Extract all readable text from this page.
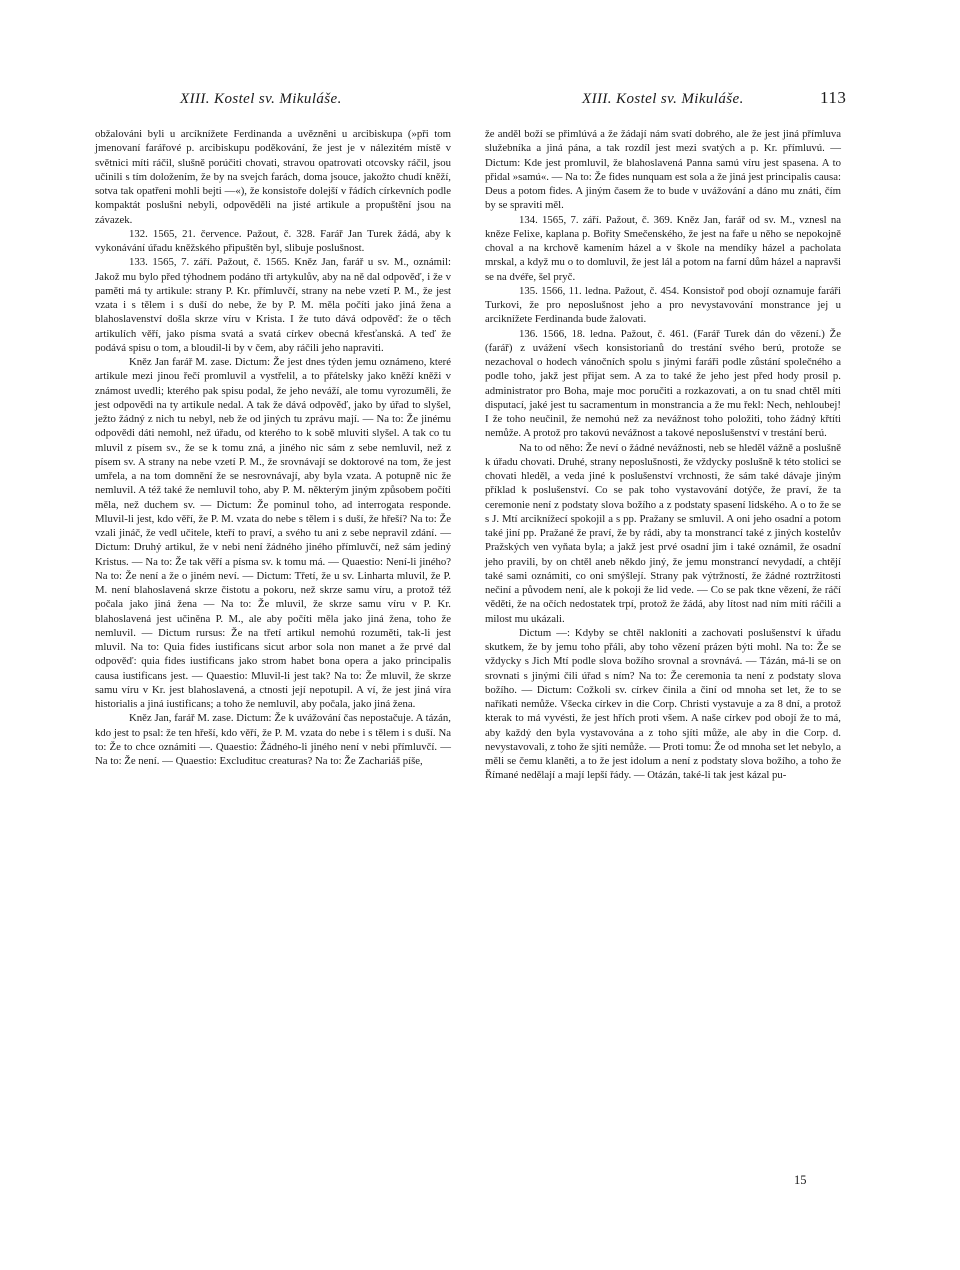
XIII. Kostel sv. Mikuláše.	XIII. Kostel sv. Mikuláše.	113

obžalováni byli u arcíknížete Ferdinanda a uvězněni u arcibiskupa (»při tom jmenovaní farářové p. arcibiskupu poděkování, že jest je v nálezitém místě v světnici míti ráčil, slušně porúčiti chovati, stravou opatrovati otcovsky ráčil, jsou učinili s tím doložením, že by na svejch farách, doma jsouce, jakožto chudí kněží, sotva tak opatřeni mohli bejti —«), že konsistoře dolejší v řádích církevních podle kompaktát poslušni nebyli, odpověděli na jisté artikule a propuštění jsou na závazek.

132. 1565, 21. července. Pažout, č. 328. Farář Jan Turek žádá, aby k vykonávání úřadu kněžského připuštěn byl, slibuje poslušnost.

133. 1565, 7. září. Pažout, č. 1565. Kněz Jan, farář u sv. M., oznámil: Jakož mu bylo před týhodnem podáno tři artykulův, aby na ně dal odpověď, i že v paměti má ty artikule: strany P. Kr. přímluvčí, strany na nebe vzetí P. M., že jest vzata i s tělem i s duší do nebe, že by P. M. měla počíti jako jiná žena a blahoslavenství došla skrze víru v Krista. I že tuto dává odpověď: že o těch artikulích věří, jako písma svatá a svatá církev obecná křesťanská. A teď že podává spisu o tom, a bloudil-li by v čem, aby ráčili jeho napraviti.

Kněz Jan farář M. zase. Dictum: Že jest dnes týden jemu oznámeno, které artikule mezi jinou řečí promluvil a vystřelil, a to přátelsky jako kněží kněži v známost uvedli; kterého pak spisu podal, že jeho neváží, ale tomu vyrozuměli, že jest odpovědi na ty artikule nedal. A tak že dává odpověď, jako by úřad to slyšel, ježto žádný z nich tu nebyl, neb že od jiných tu zprávu mají. — Na to: Že jinému odpovědi dáti nemohl, než úřadu, od kterého to k sobě mluviti slyšel. A tak co tu mluvil z písem sv., že se k tomu zná, a jiného nic sám z sebe nemluvil, než z písem sv. A strany na nebe vzetí P. M., že srovnávají se doktorové na tom, že jest umřela, a na tom domnění že se nesrovnávají, aby byla vzata. A potupně nic že nemluvil. A též také že nemluvil toho, aby P. M. některým jiným způsobem počíti měla, než duchem sv. — Dictum: Že pominul toho, ad interrogata responde. Mluvil-li jest, kdo věří, že P. M. vzata do nebe s tělem i s duší, že hřeší? Na to: Že vzali jináč, že vedl učitele, kteří to praví, a svého tu ani z sebe nepravil zdání. — Dictum: Druhý artikul, že v nebi není žádného jiného přímluvčí, než sám jediný Kristus. — Na to: Že tak věří a písma sv. k tomu má. — Quaestio: Není-li jiného? Na to: Že není a že o jiném neví. — Dictum: Třetí, že u sv. Linharta mluvil, že P. M. není blahoslavená skrze čistotu a pokoru, než skrze samu víru, a protož též počala jako jiná žena — Na to: Že mluvil, že skrze samu víru v P. Kr. blahoslavená jest učiněna P. M., ale aby počíti měla jako jiná žena, toho že nemluvil. — Dictum rursus: Že na třetí artikul nemohú rozuměti, tak-li jest mluvil. Na to: Quia fides iustificans sicut arbor sola non manet a že prvé dal odpověď: quia fides iustificans jako strom habet bona opera a jako principalis causa iustificans jest. — Quaestio: Mluvil-li jest tak? Na to: Že mluvil, že skrze samu víru v Kr. jest blahoslavená, a ctnosti její nepotupil. A ví, že jest jiná víra historialis a jiná iustificans; a toho že nemluvil, aby počala, jako jiná žena.

Kněz Jan, farář M. zase. Dictum: Že k uvážování čas nepostačuje. A tázán, kdo jest to psal: že ten hřeší, kdo věří, že P. M. vzata do nebe i s tělem i s duší. Na to: Že to chce oznámiti —. Quaestio: Žádného-li jiného není v nebi přímluvčí. — Na to: Že není. — Quaestio: Excludituc creaturas? Na to: Že Zachariáš píše,

že anděl boží se přimlúvá a že žádají nám svatí dobrého, ale že jest jiná přímluva služebníka a jiná pána, a tak rozdíl jest mezi svatých a p. Kr. přímluvú. — Dictum: Kde jest promluvil, že blahoslavená Panna samú víru jest spasena. A to přidal »samú«. — Na to: Že fides nunquam est sola a že jiná jest principalis causa: Deus a potom fides. A jiným časem že to bude v uvážování a dáno mu znáti, čím by se spraviti měl.

134. 1565, 7. září. Pažout, č. 369. Kněz Jan, farář od sv. M., vznesl na kněze Felixe, kaplana p. Bořity Smečenského, že jest na faře u něho se nepokojně choval a na krchově kamením házel a v škole na mendíky házel a pacholata mrskal, a když mu o to domluvil, že jest lál a potom na farní dům házel a napravši se na dvéře, šel pryč.

135. 1566, 11. ledna. Pažout, č. 454. Konsistoř pod obojí oznamuje faráři Turkovi, že pro neposlušnost jeho a pro nevystavování monstrance jej u arciknížete Ferdinanda bude žalovati.

136. 1566, 18. ledna. Pažout, č. 461. (Farář Turek dán do vězení.) Že (farář) z uvážení všech konsistorianů do trestání svého berú, protože se nezachoval o hodech vánočních spolu s jinými faráři podle zůstání společného a podle toho, jakž jest přijat sem. A za to také že jeho jest před hody prosil p. administrator pro Boha, maje moc poručiti a rozkazovati, a on tu snad chtěl míti disputací, jaké jest tu sacramentum in monstrancia a že mu řekl: Nech, nehloubej! I že toho neučinil, že nemohú než za nevážnost toho položiti, toho žádný křtíti nemůže. A protož pro takovú nevážnost a takové neposlušenství v trestání berú.

Na to od něho: Že neví o žádné nevážnosti, neb se hleděl vážně a poslušně k úřadu chovati. Druhé, strany neposlušnosti, že vždycky poslušně k této stolici se chovati hleděl, a veda jiné k poslušenství vrchnosti, že sám také dávaje jiným příklad k poslušenství. Co se pak toho vystavování dotýče, že praví, že ta ceremonie není z podstaty slova božího a z podstaty spasení lidského. A o to že se s J. Mtí arciknížecí spokojil a s pp. Pražany se smluvil. A oni jeho osadní a potom také jiní pp. Pražané že praví, že by rádi, aby ta monstrancí také z jiných kostelův Pražských ven vyňata byla; a jakž jest prvé osadní jim i také oznámil, že osadní jeho pravili, by on chtěl aneb někdo jiný, že jemu monstrancí nevydadí, a chtějí také sami oznámiti, co oni smýšlejí. Strany pak výtržností, že žádné roztržitosti nečiní a původem není, ale k pokoji že lid vede. — Co se pak tkne vězení, že ráčí věděti, že na očích nedostatek trpí, protož že žádá, aby lítost nad ním míti ráčili a milost mu ukázali.

Dictum —: Kdyby se chtěl nakloniti a zachovati poslušenství k úřadu skutkem, že by jemu toho přáli, aby toho vězení prázen býti mohl. Na to: Že se vždycky s Jich Mtí podle slova božího srovnal a srovnává. — Tázán, má-li se on srovnati s jinými čili úřad s ním? Na to: Že ceremonia ta není z podstaty slova božího. — Dictum: Cožkoli sv. církev činila a činí od mnoha set let, že to se naříkati nemůže. Všecka církev in die Corp. Christi vystavuje a za 8 dní, a protož kterak to má vyvésti, že jest hřích proti všem. A naše církev pod obojí že to má, aby každý den byla vystavována a z toho sjíti může, ale aby in die Corp. d. nevystavovali, z toho že sjíti nemůže. — Proti tomu: Že od mnoha set let nebylo, a měli se čemu klaněti, a to že jest idolum a není z podstaty slova božího, a toho že Římané nedělají a mají lepší řády. — Otázán, také-li tak jest kázal pu-

15
